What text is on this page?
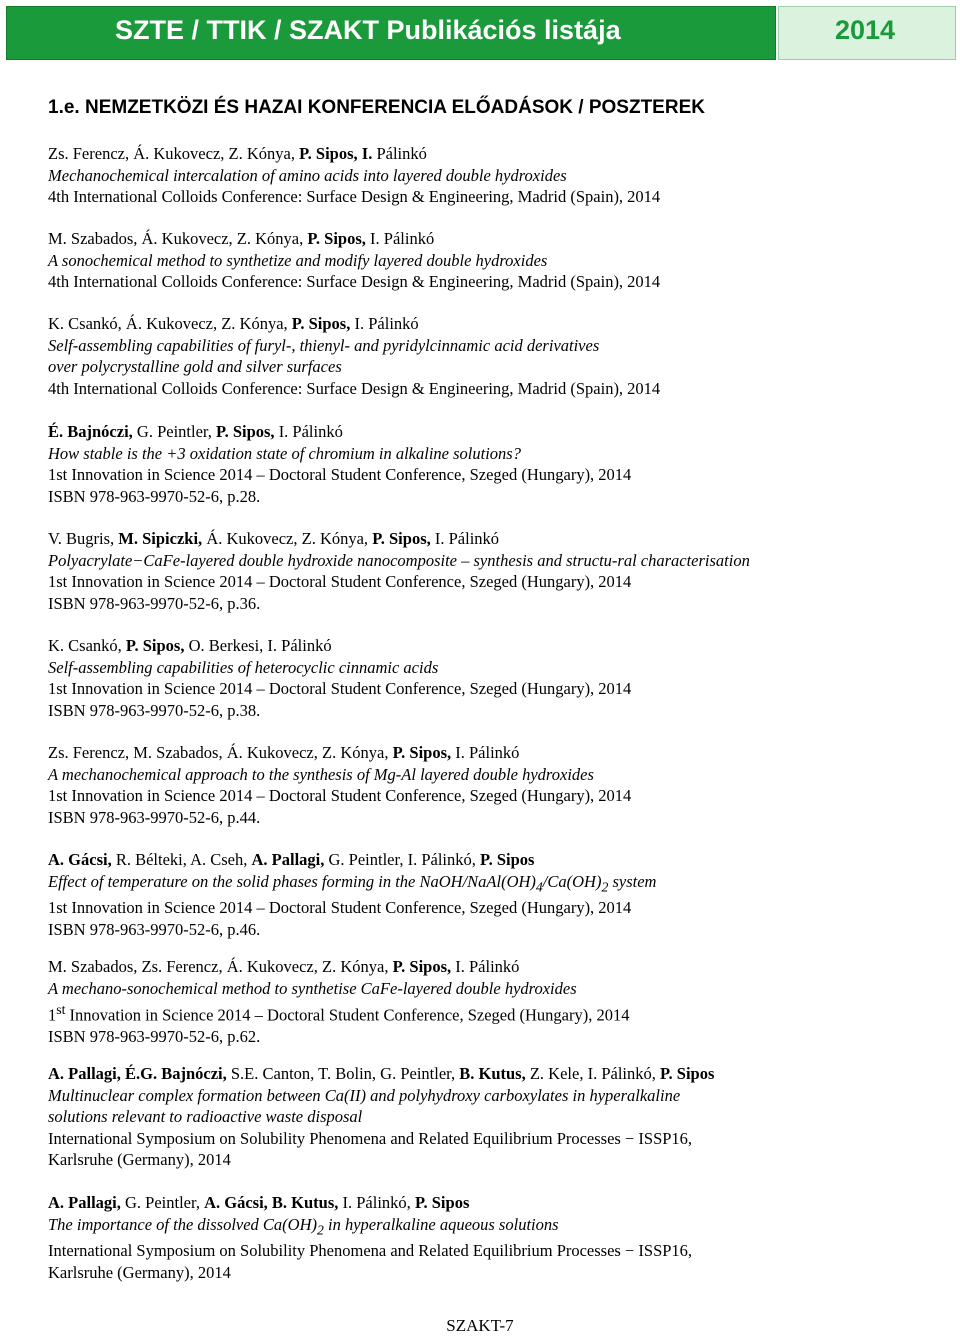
SZTE / TTIK / SZAKT Publikációs listája	2014
1.e. NEMZETKÖZI ÉS HAZAI KONFERENCIA ELŐADÁSOK / POSZTEREK
Zs. Ferencz, Á. Kukovecz, Z. Kónya, P. Sipos, I. Pálinkó
Mechanochemical intercalation of amino acids into layered double hydroxides
4th International Colloids Conference: Surface Design & Engineering, Madrid (Spain), 2014
M. Szabados, Á. Kukovecz, Z. Kónya, P. Sipos, I. Pálinkó
A sonochemical method to synthetize and modify layered double hydroxides
4th International Colloids Conference: Surface Design & Engineering, Madrid (Spain), 2014
K. Csankó, Á. Kukovecz, Z. Kónya, P. Sipos, I. Pálinkó
Self-assembling capabilities of furyl-, thienyl- and pyridylcinnamic acid derivatives
over polycrystalline gold and silver surfaces
4th International Colloids Conference: Surface Design & Engineering, Madrid (Spain), 2014
É. Bajnóczi, G. Peintler, P. Sipos, I. Pálinkó
How stable is the +3 oxidation state of chromium in alkaline solutions?
1st Innovation in Science 2014 – Doctoral Student Conference, Szeged (Hungary), 2014
ISBN 978-963-9970-52-6, p.28.
V. Bugris, M. Sipiczki, Á. Kukovecz, Z. Kónya, P. Sipos, I. Pálinkó
Polyacrylate−CaFe-layered double hydroxide nanocomposite – synthesis and structu-ral characterisation
1st Innovation in Science 2014 – Doctoral Student Conference, Szeged (Hungary), 2014
ISBN 978-963-9970-52-6, p.36.
K. Csankó, P. Sipos, O. Berkesi, I. Pálinkó
Self-assembling capabilities of heterocyclic cinnamic acids
1st Innovation in Science 2014 – Doctoral Student Conference, Szeged (Hungary), 2014
ISBN 978-963-9970-52-6, p.38.
Zs. Ferencz, M. Szabados, Á. Kukovecz, Z. Kónya, P. Sipos, I. Pálinkó
A mechanochemical approach to the synthesis of Mg-Al layered double hydroxides
1st Innovation in Science 2014 – Doctoral Student Conference, Szeged (Hungary), 2014
ISBN 978-963-9970-52-6, p.44.
A. Gácsi, R. Bélteki, A. Cseh, A. Pallagi, G. Peintler, I. Pálinkó, P. Sipos
Effect of temperature on the solid phases forming in the NaOH/$NaAl(OH)_4/Ca(OH)_2$ system
1st Innovation in Science 2014 – Doctoral Student Conference, Szeged (Hungary), 2014
ISBN 978-963-9970-52-6, p.46.
M. Szabados, Zs. Ferencz, Á. Kukovecz, Z. Kónya, P. Sipos, I. Pálinkó
A mechano-sonochemical method to synthetise CaFe-layered double hydroxides
1st Innovation in Science 2014 – Doctoral Student Conference, Szeged (Hungary), 2014
ISBN 978-963-9970-52-6, p.62.
A. Pallagi, É.G. Bajnóczi, S.E. Canton, T. Bolin, G. Peintler, B. Kutus, Z. Kele, I. Pálinkó, P. Sipos
Multinuclear complex formation between Ca(II) and polyhydroxy carboxylates in hyperalkaline
solutions relevant to radioactive waste disposal
International Symposium on Solubility Phenomena and Related Equilibrium Processes − ISSP16,
Karlsruhe (Germany), 2014
A. Pallagi, G. Peintler, A. Gácsi, B. Kutus, I. Pálinkó, P. Sipos
The importance of the dissolved $Ca(OH)_2$ in hyperalkaline aqueous solutions
International Symposium on Solubility Phenomena and Related Equilibrium Processes − ISSP16,
Karlsruhe (Germany), 2014
SZAKT-7
